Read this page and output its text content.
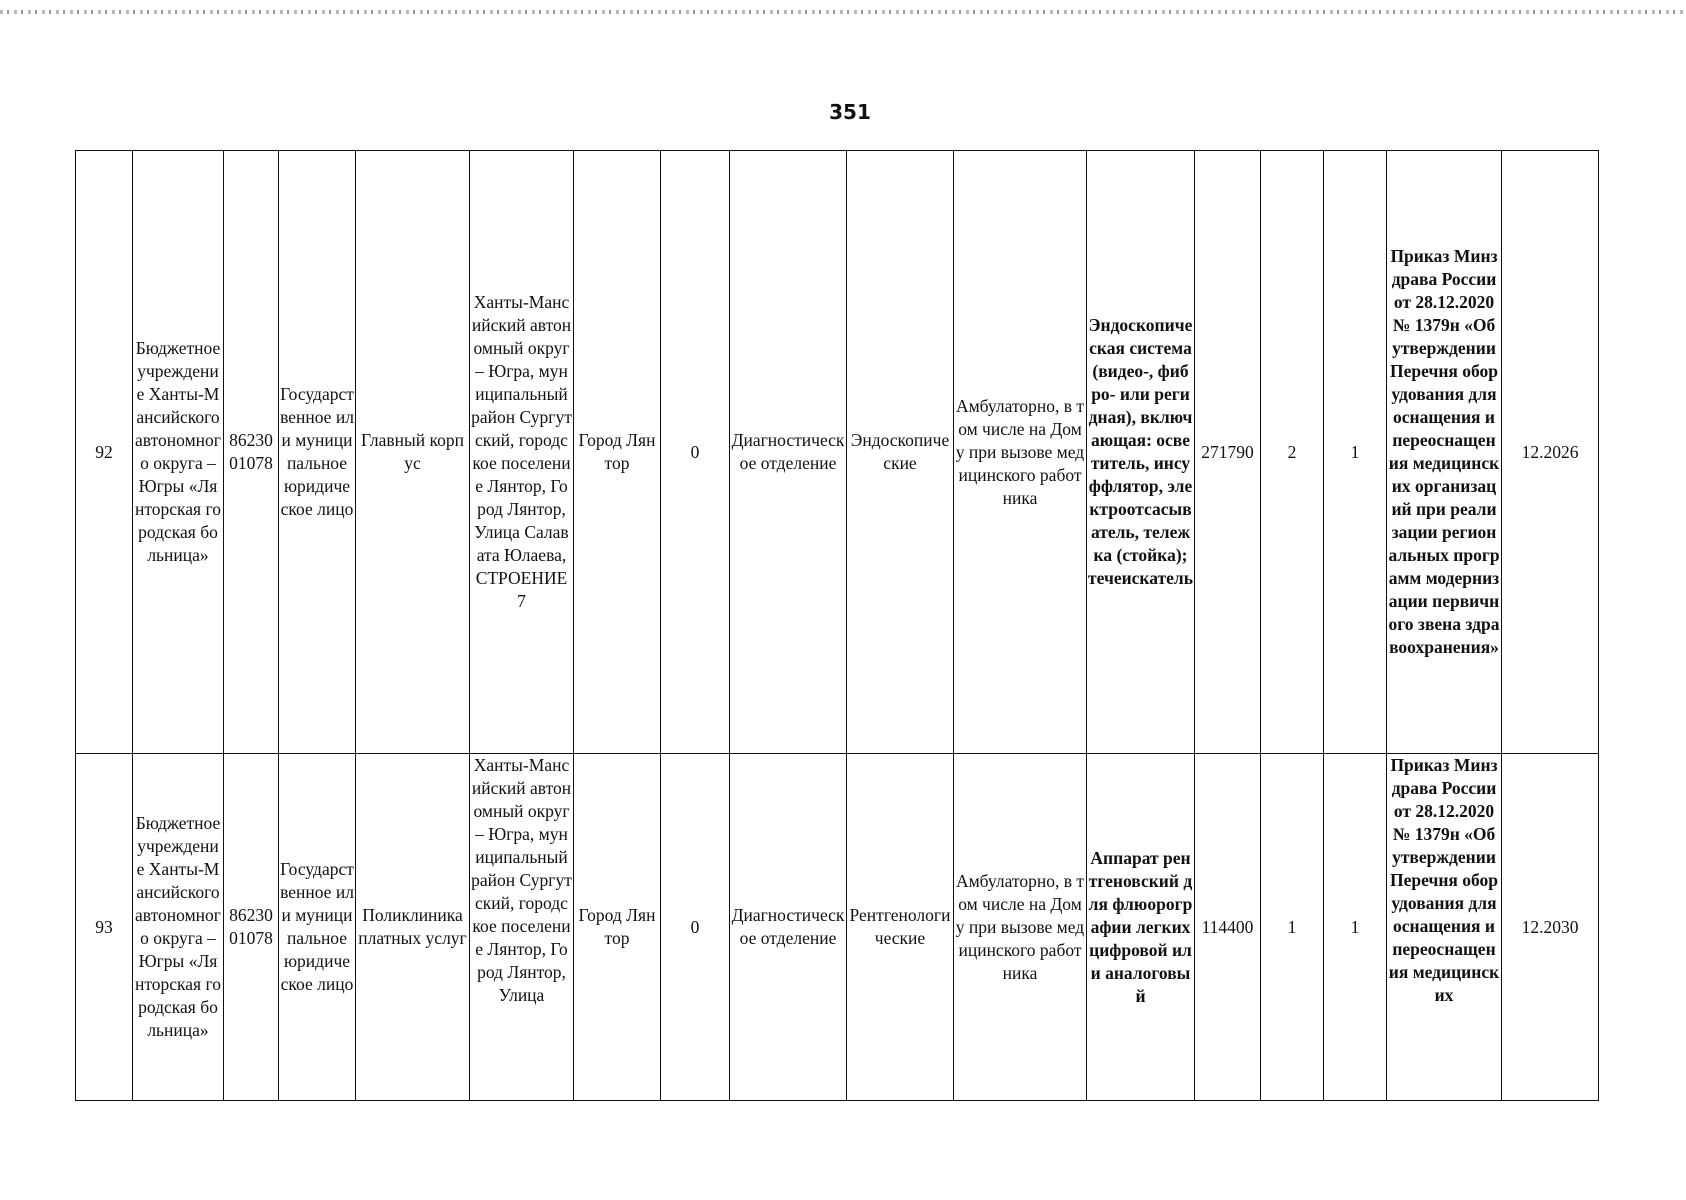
351
92	Бюджетное учреждение Ханты-Мансийского автономного округа – Югры «Лянторская городская больница»	8623001078	Государственное или муниципальное юридическое лицо	Главный корпус	Ханты-Мансийский автономный округ – Югра, муниципальный район Сургутский, городское поселение Лянтор, Город Лянтор, Улица Салавата Юлаева, СТРОЕНИЕ 7	Город Лянтор	0	Диагностическое отделение	Эндоскопические	Амбулаторно, в том числе на Дому при вызове медицинского работника	Эндоскопическая система (видео-, фибро- или регидная), включающая: осветитель, инсуффлятор, электроотсасыватель, тележка (стойка); течеискатель	271790	2	1	Приказ Минздрава России от 28.12.2020 № 1379н «Об утверждении Перечня оборудования для оснащения и переоснащения медицинских организаций при реализации региональных программ модернизации первичного звена здравоохранения»	12.2026
93	Бюджетное учреждение Ханты-Мансийского автономного округа – Югры «Лянторская городская больница»	8623001078	Государственное или муниципальное юридическое лицо	Поликлиника платных услуг	Ханты-Мансийский автономный округ – Югра, муниципальный район Сургутский, городское поселение Лянтор, Город Лянтор, Улица	Город Лянтор	0	Диагностическое отделение	Рентгенологические	Амбулаторно, в том числе на Дому при вызове медицинского работника	Аппарат рентгеновский для флюорографии легких цифровой или аналоговый	114400	1	1	Приказ Минздрава России от 28.12.2020 № 1379н «Об утверждении Перечня оборудования для оснащения и переоснащения медицинских	12.2030
